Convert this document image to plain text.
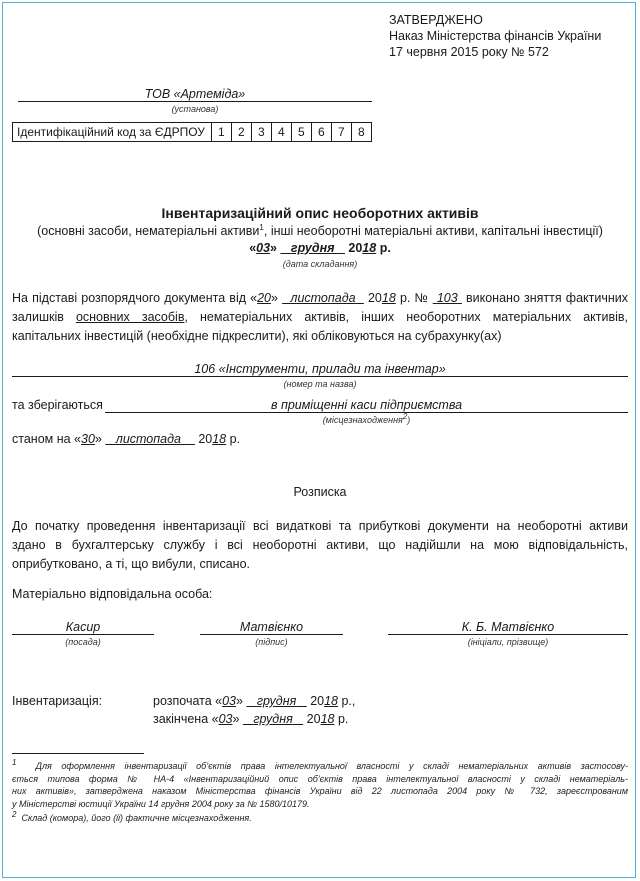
ЗАТВЕРДЖЕНО
Наказ Міністерства фінансів України
17 червня 2015 року № 572
ТОВ «Артеміда»
(установа)
Ідентифікаційний код за ЄДРПОУ	1	2	3	4	5	6	7	8
Інвентаризаційний опис необоротних активів
(основні засоби, нематеріальні активи$^1$, інші необоротні матеріальні активи, капітальні інвестиції)
«03»    грудня 2018 р.
(дата складання)
На підставі розпорядчого документа від «20» листопада 2018 р. № 103 виконано зняття фактичних
залишків основних засобів, нематеріальних активів, інших необоротних матеріальних активів,
капітальних інвестицій (необхідне підкреслити), які обліковуються на субрахунку(ах)
106 «Інструменти, прилади та інвентар»
(номер та назва)
та зберігаються	в приміщенні каси підприємства
(місцезнаходження$^2$)
станом на «30» листопада 2018 р.
Розписка
До початку проведення інвентаризації всі видаткові та прибуткові документи на необоротні активи
здано в бухгалтерську службу і всі необоротні активи, що надійшли на мою відповідальність,
оприбутковано, а ті, що вибули, списано.
Матеріально відповідальна особа:
Касир
(посада)
Матвієнко
(підпис)
К. Б. Матвієнко
(ініціали, прізвище)
Інвентаризація:	розпочата «03» грудня 2018 р.,
закінчена «03» грудня 2018 р.
$^1$ Для оформлення інвентаризації об’єктів права інтелектуальної власності у складі нематеріальних активів застосову-
ється типова форма № НА-4 «Інвентаризаційний опис об’єктів права інтелектуальної власності у складі нематеріаль-
них активів», затверджена наказом Міністерства фінансів України від 22 листопада 2004 року № 732, зареєстрованим
у Міністерстві юстиції України 14 грудня 2004 року за № 1580/10179.
$^2$ Склад (комора), його (її) фактичне місцезнаходження.
